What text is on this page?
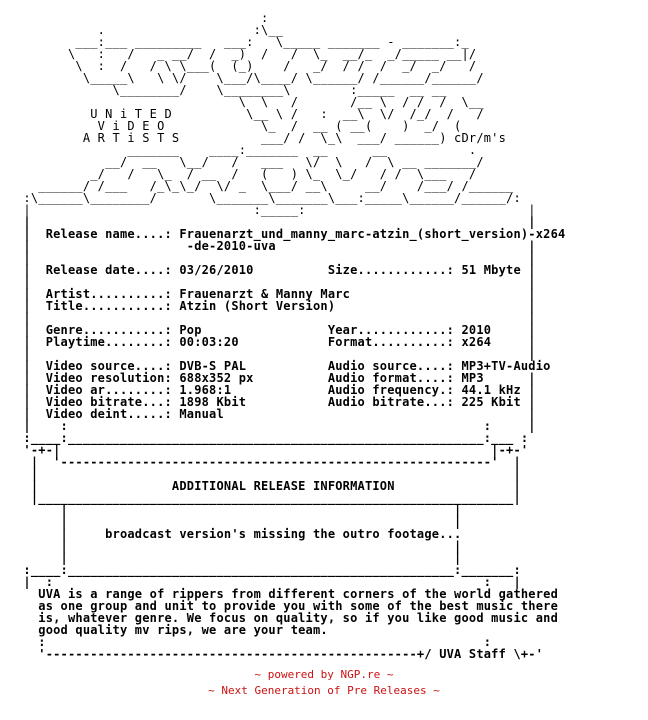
:
.                    :\__
___:___ _________   ___:   \_____ _______ - _______:_
\   :   /   _ __/  /  _)  /   /  \_  __/_  _/_____ __|/
\  :  /   / \ \___(  (_)    /   _/  / /  /  _/  _/   /
\_____\   \ \/    \___/\____/ \______/ /______/______/
\________/    \________\        :_____  __ __
\  \   /       /__ \  / /  /  \__
U N i T E D          \__ \ /   :  __\  \/  /_/  /   /
V i D E O             \_  /  __ ( __(    )  _/  (
A R T i S T S           ___/ /  \_\  ___/ ______) cDr/m's
_______    ____:_______  __      __           .
__/  __   \__/   /   ___   \/  \   /  \ __ _______/
_/   /   \_  / __  /   (   ) \_  \_/   / /  \___   /
______/ /___   /_\_\_/  \/ _  \___/ __\     __/    /___/ /______
:\______\________/       \_______\_______\___:_____\______/______/:
|                              :_____:                              |
|                                                                   |
|  Release name....: Frauenarzt_und_manny_marc-atzin_(short_version)-x264
|                     -de-2010-uva                                  |
|                                                                   |
|  Release date....: 03/26/2010          Size............: 51 Mbyte |
|                                                                   |
|  Artist..........: Frauenarzt & Manny Marc                        |
|  Title...........: Atzin (Short Version)                          |
|                                                                   |
|  Genre...........: Pop                 Year............: 2010     |
|  Playtime........: 00:03:20            Format..........: x264     |
|                                                                   |
|  Video source....: DVB-S PAL           Audio source....: MP3+TV-Audio
|  Video resolution: 688x352 px          Audio format....: MP3      |
|  Video ar........: 1.968:1             Audio frequency.: 44.1 kHz |
|  Video bitrate...: 1898 Kbit           Audio bitrate...: 225 Kbit |
|  Video deint.....: Manual                                         |
|    :                                                        :     |
:____:________________________________________________________:___ :
'-+-|                                                          |-+-'
|  '----------------------------------------------------------'  |
|                                                                |
|                  ADDITIONAL RELEASE INFORMATION                |
|________________________________________________________________|
|                                                    |
|                                                    |
|     broadcast version's missing the outro footage...
|                                                    |
|                                                    |
:____:____________________________________________________:_______:
|  :                                                          :   |
UVA is a range of rippers from different corners of the world gathered
as one group and unit to provide you with some of the best music there
is, whatever genre. We focus on quality, so if you like good music and
good quality mv rips, we are your team.
:                                                           :
'--------------------------------------------------+/ UVA Staff \+-'
~ powered by NGP.re ~
~ Next Generation of Pre Releases ~
